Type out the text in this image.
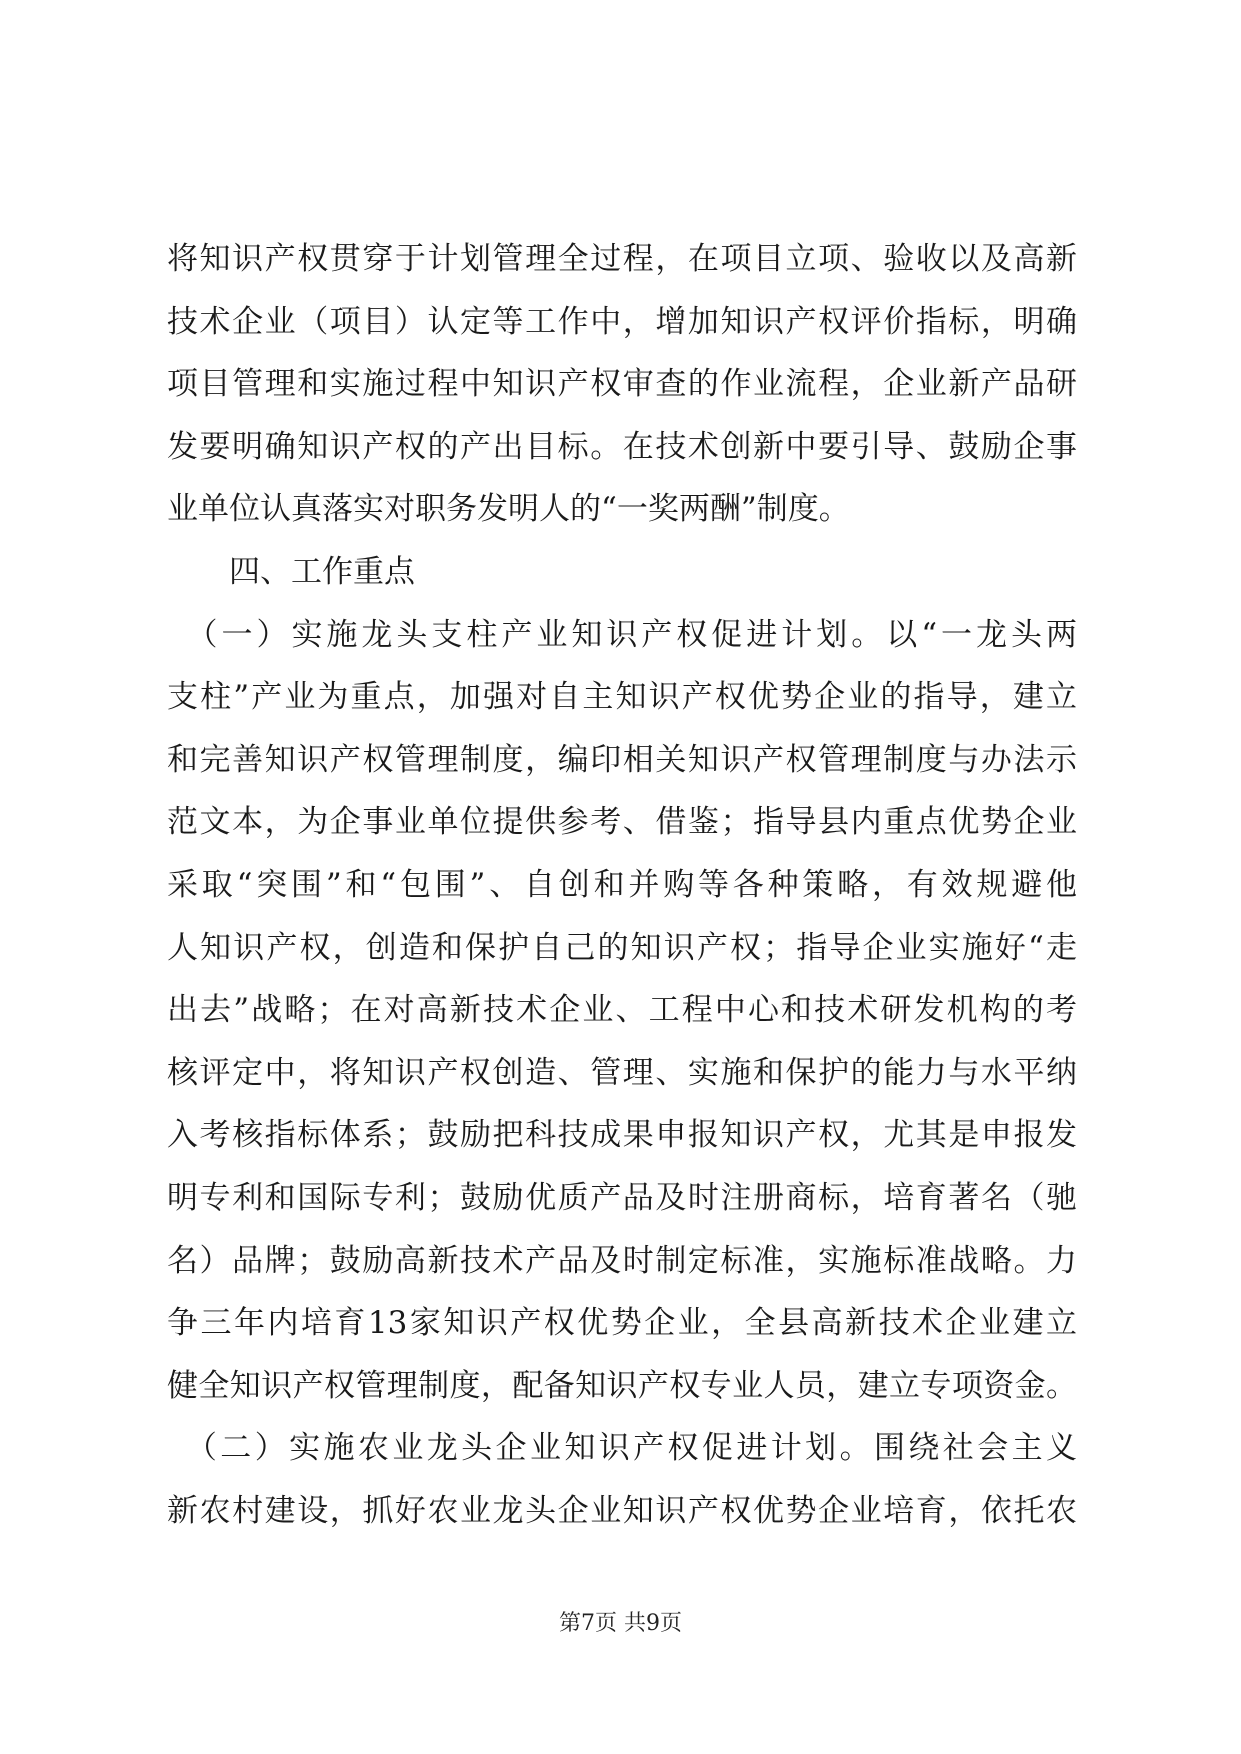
将知识产权贯穿于计划管理全过程，在项目立项、验收以及高新
技术企业（项目）认定等工作中，增加知识产权评价指标，明确
项目管理和实施过程中知识产权审查的作业流程，企业新产品研
发要明确知识产权的产出目标。在技术创新中要引导、鼓励企事
业单位认真落实对职务发明人的“一奖两酬”制度。
　　四、工作重点
　（一）实施龙头支柱产业知识产权促进计划。以“一龙头两
支柱”产业为重点，加强对自主知识产权优势企业的指导，建立
和完善知识产权管理制度，编印相关知识产权管理制度与办法示
范文本，为企事业单位提供参考、借鉴；指导县内重点优势企业
采取“突围”和“包围”、自创和并购等各种策略，有效规避他
人知识产权，创造和保护自己的知识产权；指导企业实施好“走
出去”战略；在对高新技术企业、工程中心和技术研发机构的考
核评定中，将知识产权创造、管理、实施和保护的能力与水平纳
入考核指标体系；鼓励把科技成果申报知识产权，尤其是申报发
明专利和国际专利；鼓励优质产品及时注册商标，培育著名（驰
名）品牌；鼓励高新技术产品及时制定标准，实施标准战略。力
争三年内培育13家知识产权优势企业，全县高新技术企业建立
健全知识产权管理制度，配备知识产权专业人员，建立专项资金。
　（二）实施农业龙头企业知识产权促进计划。围绕社会主义
新农村建设，抓好农业龙头企业知识产权优势企业培育，依托农
第7页 共9页
